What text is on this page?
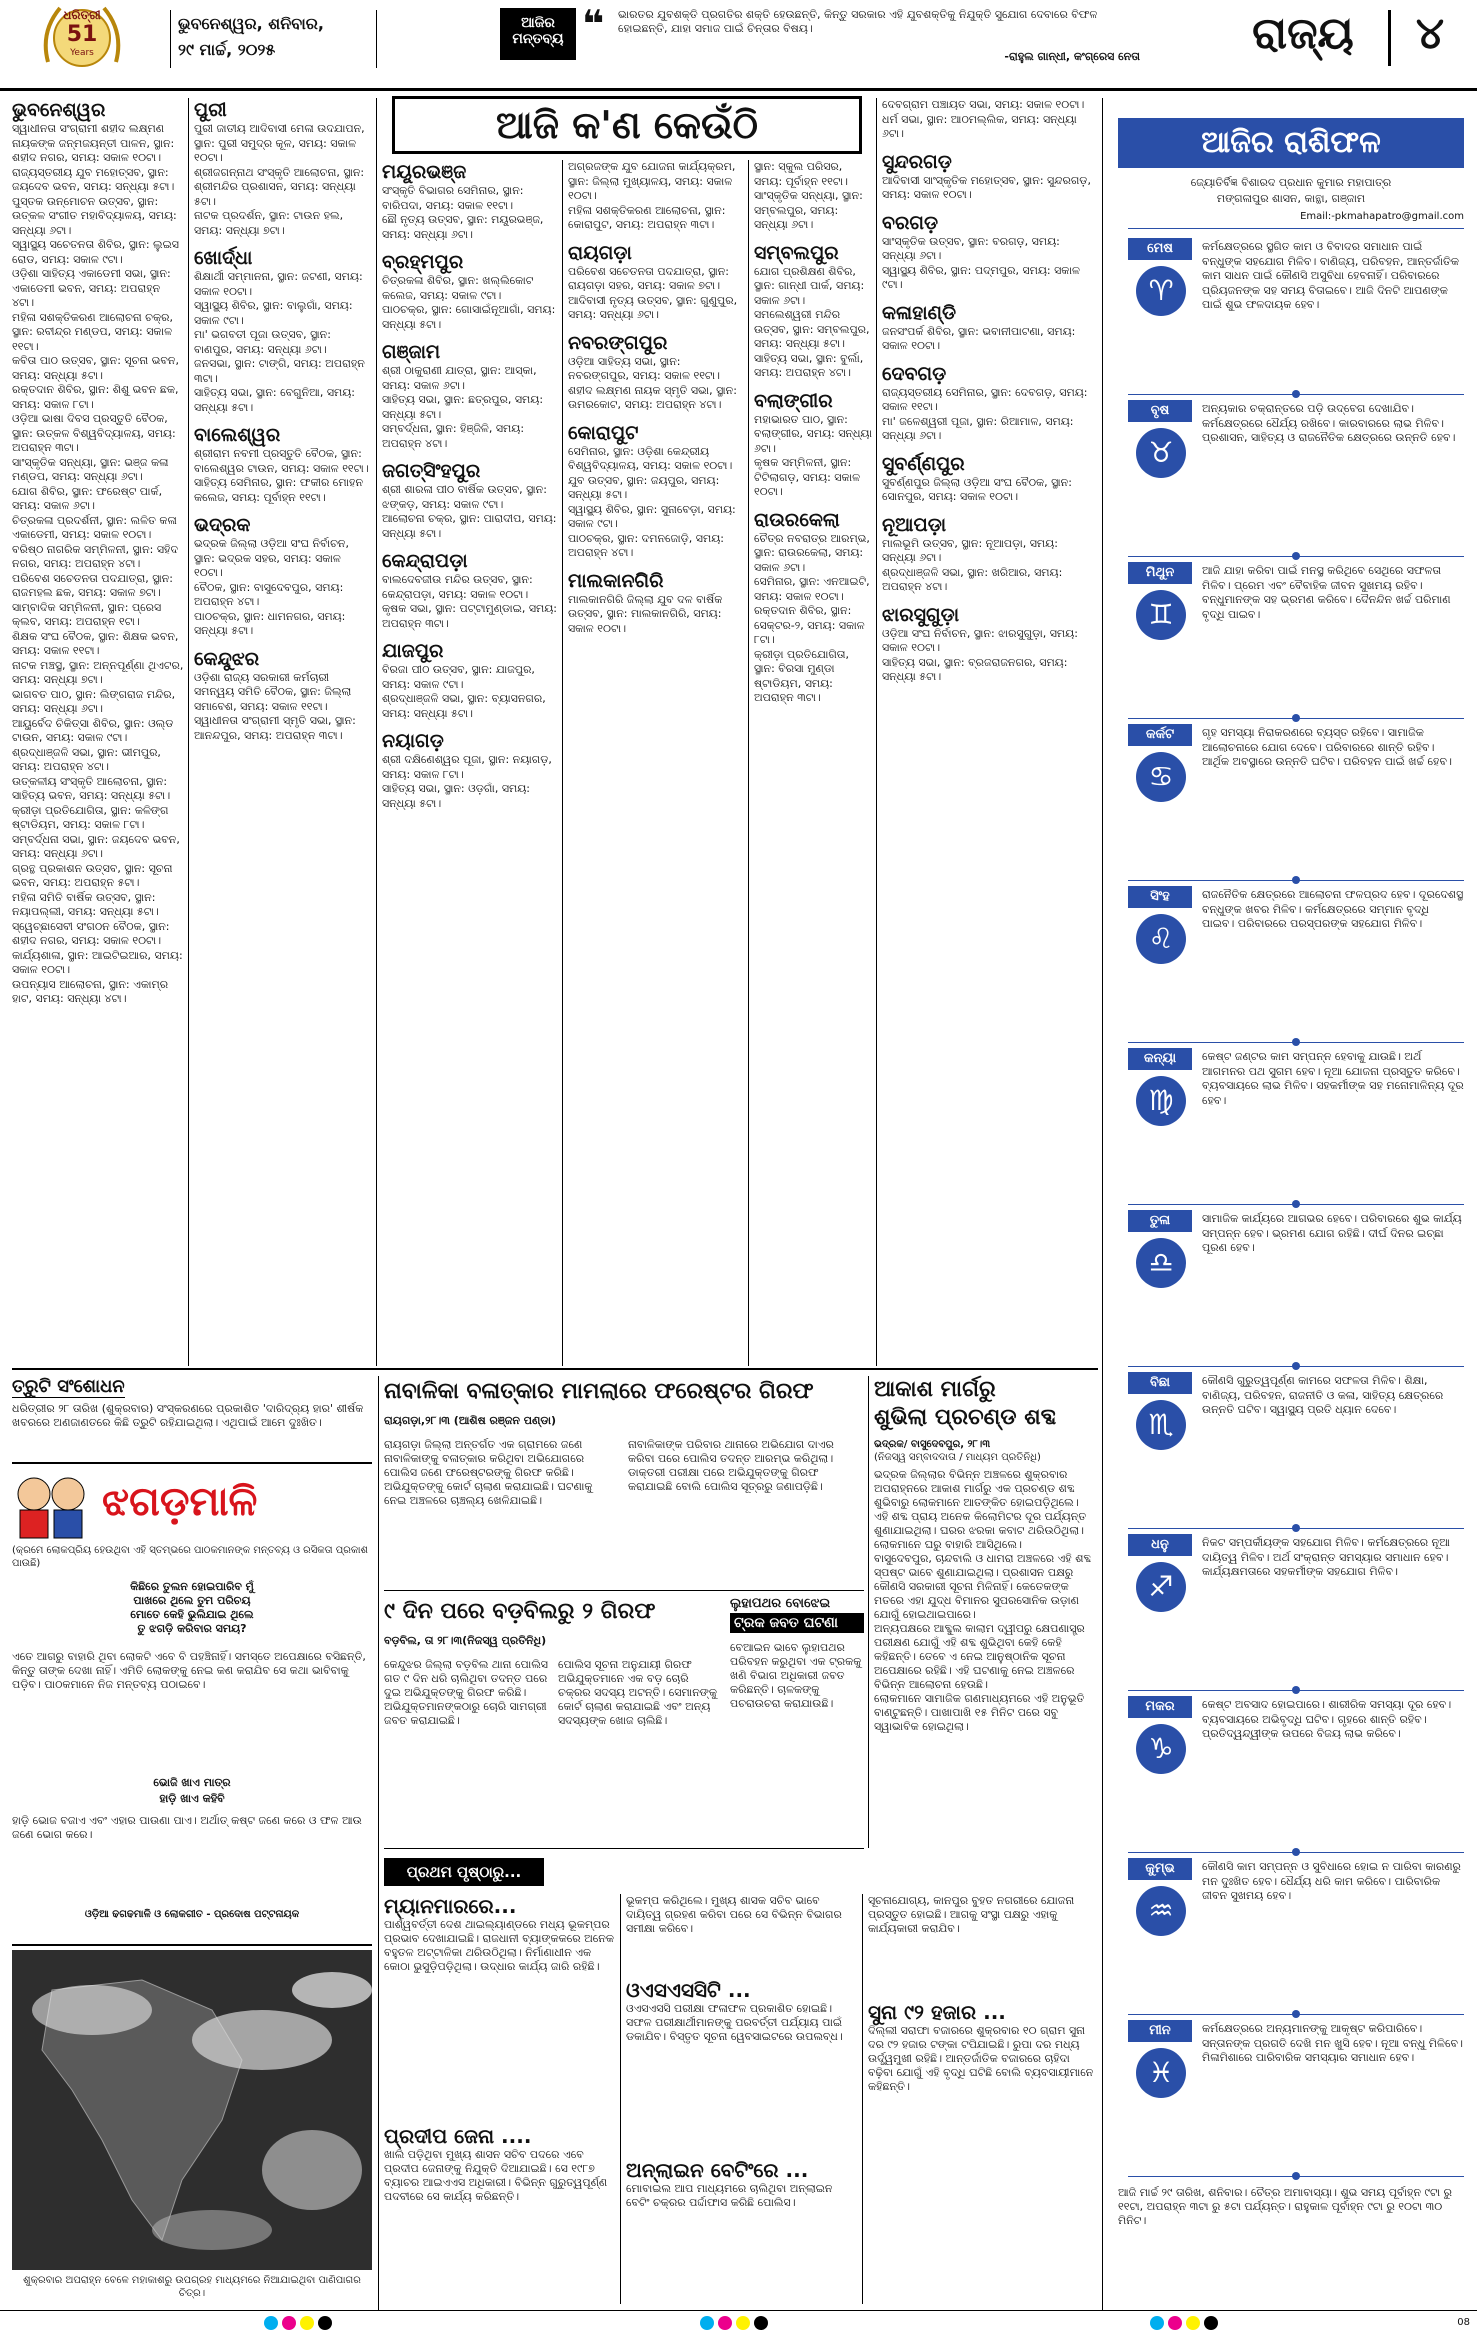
ଧରିତ୍ରୀ
51
Years
ଭୁବନେଶ୍ୱର, ଶନିବାର,
୨୯ ମାର୍ଚ୍ଚ, ୨୦୨୫
ଆଜିର
ମନ୍ତବ୍ୟ ❝ ଭାରତର ଯୁବଶକ୍ତି ପ୍ରଗତିର ଶକ୍ତି ହେଉଛନ୍ତି, କିନ୍ତୁ ସରକାର ଏହି ଯୁବଶକ୍ତିକୁ ନିଯୁକ୍ତି ସୁଯୋଗ ଦେବାରେ ବିଫଳ ହୋଇଛନ୍ତି, ଯାହା ସମାଜ ପାଇଁ ଚିନ୍ତାର ବିଷୟ।
-ରାହୁଲ ଗାନ୍ଧୀ, କଂଗ୍ରେସ ନେତା	ରାଜ୍ୟ	୪
ଆଜି କ'ଣ କେଉଁଠି
ଭୁବନେଶ୍ୱର
ସ୍ୱାଧୀନତା ସଂଗ୍ରାମୀ ଶହୀଦ ଲକ୍ଷ୍ମଣ ନାୟକଙ୍କ ଜନ୍ମଜୟନ୍ତୀ ପାଳନ, ସ୍ଥାନ: ଶହୀଦ ନଗର, ସମୟ: ସକାଳ ୧୦ଟା।
ରାଜ୍ୟସ୍ତରୀୟ ଯୁବ ମହୋତ୍ସବ, ସ୍ଥାନ: ଜୟଦେବ ଭବନ, ସମୟ: ସନ୍ଧ୍ୟା ୫ଟା।
ପୁସ୍ତକ ଉନ୍ମୋଚନ ଉତ୍ସବ, ସ୍ଥାନ: ଉତ୍କଳ ସଂଗୀତ ମହାବିଦ୍ୟାଳୟ, ସମୟ: ସନ୍ଧ୍ୟା ୬ଟା।
ସ୍ୱାସ୍ଥ୍ୟ ସଚେତନତା ଶିବିର, ସ୍ଥାନ: ଲୁଇସ ରୋଡ, ସମୟ: ସକାଳ ୯ଟା।
ଓଡ଼ିଶା ସାହିତ୍ୟ ଏକାଡେମୀ ସଭା, ସ୍ଥାନ: ଏକାଡେମୀ ଭବନ, ସମୟ: ଅପରାହ୍ନ ୪ଟା।
ମହିଳା ସଶକ୍ତିକରଣ ଆଲୋଚନା ଚକ୍ର, ସ୍ଥାନ: ରବୀନ୍ଦ୍ର ମଣ୍ଡପ, ସମୟ: ସକାଳ ୧୧ଟା।
କବିତା ପାଠ ଉତ୍ସବ, ସ୍ଥାନ: ସୂଚନା ଭବନ, ସମୟ: ସନ୍ଧ୍ୟା ୫ଟା।
ରକ୍ତଦାନ ଶିବିର, ସ୍ଥାନ: ଶିଶୁ ଭବନ ଛକ, ସମୟ: ସକାଳ ୮ଟା।
ଓଡ଼ିଆ ଭାଷା ଦିବସ ପ୍ରସ୍ତୁତି ବୈଠକ, ସ୍ଥାନ: ଉତ୍କଳ ବିଶ୍ୱବିଦ୍ୟାଳୟ, ସମୟ: ଅପରାହ୍ନ ୩ଟା।
ସାଂସ୍କୃତିକ ସନ୍ଧ୍ୟା, ସ୍ଥାନ: ଭଞ୍ଜ କଳା ମଣ୍ଡପ, ସମୟ: ସନ୍ଧ୍ୟା ୬ଟା।
ଯୋଗ ଶିବିର, ସ୍ଥାନ: ଫରେଷ୍ଟ ପାର୍କ, ସମୟ: ସକାଳ ୬ଟା।
ଚିତ୍ରକଳା ପ୍ରଦର୍ଶନୀ, ସ୍ଥାନ: ଲଳିତ କଳା ଏକାଡେମୀ, ସମୟ: ସକାଳ ୧୦ଟା।
ବରିଷ୍ଠ ନାଗରିକ ସମ୍ମିଳନୀ, ସ୍ଥାନ: ସହିଦ ନଗର, ସମୟ: ଅପରାହ୍ନ ୪ଟା।
ପରିବେଶ ସଚେତନତା ପଦଯାତ୍ରା, ସ୍ଥାନ: ରାଜମହଲ ଛକ, ସମୟ: ସକାଳ ୭ଟା।
ସାମ୍ବାଦିକ ସମ୍ମିଳନୀ, ସ୍ଥାନ: ପ୍ରେସ କ୍ଲବ, ସମୟ: ଅପରାହ୍ନ ୧ଟା।
ଶିକ୍ଷକ ସଂଘ ବୈଠକ, ସ୍ଥାନ: ଶିକ୍ଷକ ଭବନ, ସମୟ: ସକାଳ ୧୧ଟା।
ନାଟକ ମଞ୍ଚସ୍ଥ, ସ୍ଥାନ: ଅନ୍ନପୂର୍ଣ୍ଣା ଥିଏଟର, ସମୟ: ସନ୍ଧ୍ୟା ୭ଟା।
ଭାଗବତ ପାଠ, ସ୍ଥାନ: ଲିଙ୍ଗରାଜ ମନ୍ଦିର, ସମୟ: ସନ୍ଧ୍ୟା ୬ଟା।
ଆୟୁର୍ବେଦ ଚିକିତ୍ସା ଶିବିର, ସ୍ଥାନ: ଓଲ୍ଡ ଟାଉନ, ସମୟ: ସକାଳ ୯ଟା।
ଶ୍ରଦ୍ଧାଞ୍ଜଳି ସଭା, ସ୍ଥାନ: ଭୀମପୁର, ସମୟ: ଅପରାହ୍ନ ୪ଟା।
ଉତ୍କଳୀୟ ସଂସ୍କୃତି ଆଲୋଚନା, ସ୍ଥାନ: ସାହିତ୍ୟ ଭବନ, ସମୟ: ସନ୍ଧ୍ୟା ୫ଟା।
କ୍ରୀଡ଼ା ପ୍ରତିଯୋଗିତା, ସ୍ଥାନ: କଳିଙ୍ଗ ଷ୍ଟାଡିୟମ, ସମୟ: ସକାଳ ୮ଟା।
ସମ୍ବର୍ଦ୍ଧନା ସଭା, ସ୍ଥାନ: ଜୟଦେବ ଭବନ, ସମୟ: ସନ୍ଧ୍ୟା ୬ଟା।
ଗ୍ରନ୍ଥ ପ୍ରକାଶନ ଉତ୍ସବ, ସ୍ଥାନ: ସୂଚନା ଭବନ, ସମୟ: ଅପରାହ୍ନ ୫ଟା।
ମହିଳା ସମିତି ବାର୍ଷିକ ଉତ୍ସବ, ସ୍ଥାନ: ନୟାପଲ୍ଲୀ, ସମୟ: ସନ୍ଧ୍ୟା ୫ଟା।
ସ୍ୱେଚ୍ଛାସେବୀ ସଂଗଠନ ବୈଠକ, ସ୍ଥାନ: ଶହୀଦ ନଗର, ସମୟ: ସକାଳ ୧୦ଟା।
କାର୍ଯ୍ୟଶାଳା, ସ୍ଥାନ: ଆଇଟିଇଆର, ସମୟ: ସକାଳ ୧୦ଟା।
ଉପନ୍ୟାସ ଆଲୋଚନା, ସ୍ଥାନ: ଏକାମ୍ର ହାଟ, ସମୟ: ସନ୍ଧ୍ୟା ୪ଟା।
ପୁରୀ
ପୁରୀ ଜାତୀୟ ଆଦିବାସୀ ମେଳା ଉଦଯାପନ, ସ୍ଥାନ: ପୁରୀ ସମୁଦ୍ର କୂଳ, ସମୟ: ସକାଳ ୧୦ଟା।
ଶ୍ରୀଜଗନ୍ନାଥ ସଂସ୍କୃତି ଆଲୋଚନା, ସ୍ଥାନ: ଶ୍ରୀମନ୍ଦିର ପ୍ରଶାସନ, ସମୟ: ସନ୍ଧ୍ୟା ୫ଟା।
ନାଟକ ପ୍ରଦର୍ଶନ, ସ୍ଥାନ: ଟାଉନ ହଲ, ସମୟ: ସନ୍ଧ୍ୟା ୭ଟା।
ଖୋର୍ଦ୍ଧା
ଶିକ୍ଷାର୍ଥୀ ସମ୍ମାନନା, ସ୍ଥାନ: ଜଟଣୀ, ସମୟ: ସକାଳ ୧୦ଟା।
ସ୍ୱାସ୍ଥ୍ୟ ଶିବିର, ସ୍ଥାନ: ବାଲୁଗାଁ, ସମୟ: ସକାଳ ୯ଟା।
ମା' ଭଗବତୀ ପୂଜା ଉତ୍ସବ, ସ୍ଥାନ: ବାଣପୁର, ସମୟ: ସନ୍ଧ୍ୟା ୬ଟା।
ଜନସଭା, ସ୍ଥାନ: ଟାଙ୍ଗି, ସମୟ: ଅପରାହ୍ନ ୩ଟା।
ସାହିତ୍ୟ ସଭା, ସ୍ଥାନ: ବେଗୁନିଆ, ସମୟ: ସନ୍ଧ୍ୟା ୫ଟା।
ବାଲେଶ୍ୱର
ଶ୍ରୀରାମ ନବମୀ ପ୍ରସ୍ତୁତି ବୈଠକ, ସ୍ଥାନ: ବାଲେଶ୍ୱର ଟାଉନ, ସମୟ: ସକାଳ ୧୧ଟା।
ସାହିତ୍ୟ ସେମିନାର, ସ୍ଥାନ: ଫକୀର ମୋହନ କଲେଜ, ସମୟ: ପୂର୍ବାହ୍ନ ୧୧ଟା।
ଭଦ୍ରକ
ଭଦ୍ରକ ଜିଲ୍ଲା ଓଡ଼ିଆ ସଂଘ ନିର୍ବାଚନ, ସ୍ଥାନ: ଭଦ୍ରକ ସହର, ସମୟ: ସକାଳ ୧୦ଟା।
ବୈଠକ, ସ୍ଥାନ: ବାସୁଦେବପୁର, ସମୟ: ଅପରାହ୍ନ ୪ଟା।
ପାଠଚକ୍ର, ସ୍ଥାନ: ଧାମନଗର, ସମୟ: ସନ୍ଧ୍ୟା ୫ଟା।
କେନ୍ଦୁଝର
ଓଡ଼ିଶା ରାଜ୍ୟ ସରକାରୀ କର୍ମଚାରୀ ସମନ୍ୱୟ ସମିତି ବୈଠକ, ସ୍ଥାନ: ଜିଲ୍ଲା ସମାବେଶ, ସମୟ: ସକାଳ ୧୧ଟା।
ସ୍ୱାଧୀନତା ସଂଗ୍ରାମୀ ସ୍ମୃତି ସଭା, ସ୍ଥାନ: ଆନନ୍ଦପୁର, ସମୟ: ଅପରାହ୍ନ ୩ଟା।
ମୟୂରଭଞ୍ଜ
ସଂସ୍କୃତି ବିଭାଗର ସେମିନାର, ସ୍ଥାନ: ବାରିପଦା, ସମୟ: ସକାଳ ୧୧ଟା।
ଛୌ ନୃତ୍ୟ ଉତ୍ସବ, ସ୍ଥାନ: ମୟୂରଭଞ୍ଜ, ସମୟ: ସନ୍ଧ୍ୟା ୬ଟା।
ବ୍ରହ୍ମପୁର
ଚିତ୍ରକଳା ଶିବିର, ସ୍ଥାନ: ଖଲ୍ଲିକୋଟ କଲେଜ, ସମୟ: ସକାଳ ୯ଟା।
ପାଠଚକ୍ର, ସ୍ଥାନ: ଗୋସାଇଁନୂଆଗାଁ, ସମୟ: ସନ୍ଧ୍ୟା ୫ଟା।
ଗଞ୍ଜାମ
ଶ୍ରୀ ଠାକୁରାଣୀ ଯାତ୍ରା, ସ୍ଥାନ: ଆସ୍କା, ସମୟ: ସକାଳ ୬ଟା।
ସାହିତ୍ୟ ସଭା, ସ୍ଥାନ: ଛତ୍ରପୁର, ସମୟ: ସନ୍ଧ୍ୟା ୫ଟା।
ସମ୍ବର୍ଦ୍ଧନା, ସ୍ଥାନ: ହିଞ୍ଜିଳି, ସମୟ: ଅପରାହ୍ନ ୪ଟା।
ଜଗତ୍‌ସିଂହପୁର
ଶ୍ରୀ ଶାରଳା ପୀଠ ବାର୍ଷିକ ଉତ୍ସବ, ସ୍ଥାନ: ଝଙ୍କଡ଼, ସମୟ: ସକାଳ ୯ଟା।
ଆଲୋଚନା ଚକ୍ର, ସ୍ଥାନ: ପାରାଦୀପ, ସମୟ: ସନ୍ଧ୍ୟା ୫ଟା।
କେନ୍ଦ୍ରାପଡ଼ା
ବାଲଦେବଜୀଉ ମନ୍ଦିର ଉତ୍ସବ, ସ୍ଥାନ: କେନ୍ଦ୍ରାପଡ଼ା, ସମୟ: ସକାଳ ୧୦ଟା।
କୃଷକ ସଭା, ସ୍ଥାନ: ପଟ୍ଟାମୁଣ୍ଡାଇ, ସମୟ: ଅପରାହ୍ନ ୩ଟା।
ଯାଜପୁର
ବିରଜା ପୀଠ ଉତ୍ସବ, ସ୍ଥାନ: ଯାଜପୁର, ସମୟ: ସକାଳ ୯ଟା।
ଶ୍ରଦ୍ଧାଞ୍ଜଳି ସଭା, ସ୍ଥାନ: ବ୍ୟାସନଗର, ସମୟ: ସନ୍ଧ୍ୟା ୫ଟା।
ନୟାଗଡ଼
ଶ୍ରୀ ଦକ୍ଷିଣେଶ୍ୱର ପୂଜା, ସ୍ଥାନ: ନୟାଗଡ଼, ସମୟ: ସକାଳ ୮ଟା।
ସାହିତ୍ୟ ସଭା, ସ୍ଥାନ: ଓଡ଼ଗାଁ, ସମୟ: ସନ୍ଧ୍ୟା ୫ଟା।
ଅଗ୍ରଜଙ୍କ ଯୁବ ଯୋଜନା କାର୍ଯ୍ୟକ୍ରମ, ସ୍ଥାନ: ଜିଲ୍ଲା ମୁଖ୍ୟାଳୟ, ସମୟ: ସକାଳ ୧୦ଟା।
ମହିଳା ସଶକ୍ତିକରଣ ଆଲୋଚନା, ସ୍ଥାନ: କୋରାପୁଟ, ସମୟ: ଅପରାହ୍ନ ୩ଟା।
ରାୟଗଡ଼ା
ପରିବେଶ ସଚେତନତା ପଦଯାତ୍ରା, ସ୍ଥାନ: ରାୟଗଡ଼ା ସହର, ସମୟ: ସକାଳ ୭ଟା।
ଆଦିବାସୀ ନୃତ୍ୟ ଉତ୍ସବ, ସ୍ଥାନ: ଗୁଣୁପୁର, ସମୟ: ସନ୍ଧ୍ୟା ୬ଟା।
ନବରଙ୍ଗପୁର
ଓଡ଼ିଆ ସାହିତ୍ୟ ସଭା, ସ୍ଥାନ: ନବରଙ୍ଗପୁର, ସମୟ: ସକାଳ ୧୧ଟା।
ଶହୀଦ ଲକ୍ଷ୍ମଣ ନାୟକ ସ୍ମୃତି ସଭା, ସ୍ଥାନ: ଉମରକୋଟ, ସମୟ: ଅପରାହ୍ନ ୪ଟା।
କୋରାପୁଟ
ସେମିନାର, ସ୍ଥାନ: ଓଡ଼ିଶା କେନ୍ଦ୍ରୀୟ ବିଶ୍ୱବିଦ୍ୟାଳୟ, ସମୟ: ସକାଳ ୧୦ଟା।
ଯୁବ ଉତ୍ସବ, ସ୍ଥାନ: ଜୟପୁର, ସମୟ: ସନ୍ଧ୍ୟା ୫ଟା।
ସ୍ୱାସ୍ଥ୍ୟ ଶିବିର, ସ୍ଥାନ: ସୁନାବେଡ଼ା, ସମୟ: ସକାଳ ୯ଟା।
ପାଠଚକ୍ର, ସ୍ଥାନ: ଦମନଜୋଡ଼ି, ସମୟ: ଅପରାହ୍ନ ୪ଟା।
ମାଲକାନଗିରି
ମାଲକାନଗିରି ଜିଲ୍ଲା ଯୁବ ଦଳ ବାର୍ଷିକ ଉତ୍ସବ, ସ୍ଥାନ: ମାଲକାନଗିରି, ସମୟ: ସକାଳ ୧୦ଟା।
ସ୍ଥାନ: ସ୍କୁଲ ପରିସର, ସମୟ: ପୂର୍ବାହ୍ନ ୧୧ଟା।
ସାଂସ୍କୃତିକ ସନ୍ଧ୍ୟା, ସ୍ଥାନ: ସମ୍ବଲପୁର, ସମୟ: ସନ୍ଧ୍ୟା ୬ଟା।
ସମ୍ବଲପୁର
ଯୋଗ ପ୍ରଶିକ୍ଷଣ ଶିବିର, ସ୍ଥାନ: ଗାନ୍ଧୀ ପାର୍କ, ସମୟ: ସକାଳ ୬ଟା।
ସମଲେଶ୍ୱରୀ ମନ୍ଦିର ଉତ୍ସବ, ସ୍ଥାନ: ସମ୍ବଲପୁର, ସମୟ: ସନ୍ଧ୍ୟା ୫ଟା।
ସାହିତ୍ୟ ସଭା, ସ୍ଥାନ: ବୁର୍ଲା, ସମୟ: ଅପରାହ୍ନ ୪ଟା।
ବଲାଙ୍ଗୀର
ମହାଭାରତ ପାଠ, ସ୍ଥାନ: ବଲାଙ୍ଗୀର, ସମୟ: ସନ୍ଧ୍ୟା ୬ଟା।
କୃଷକ ସମ୍ମିଳନୀ, ସ୍ଥାନ: ଟିଟିଲାଗଡ଼, ସମୟ: ସକାଳ ୧୦ଟା।
ରାଉରକେଲା
ଚୈତ୍ର ନବରାତ୍ର ଆରମ୍ଭ, ସ୍ଥାନ: ରାଉରକେଲା, ସମୟ: ସକାଳ ୬ଟା।
ସେମିନାର, ସ୍ଥାନ: ଏନଆଇଟି, ସମୟ: ସକାଳ ୧୦ଟା।
ରକ୍ତଦାନ ଶିବିର, ସ୍ଥାନ: ସେକ୍ଟର-୨, ସମୟ: ସକାଳ ୮ଟା।
କ୍ରୀଡ଼ା ପ୍ରତିଯୋଗିତା, ସ୍ଥାନ: ବିରସା ମୁଣ୍ଡା ଷ୍ଟାଡିୟମ, ସମୟ: ଅପରାହ୍ନ ୩ଟା।
ଦେବଗ୍ରାମ ପଞ୍ଚାୟତ ସଭା, ସମୟ: ସକାଳ ୧୦ଟା।
ଧର୍ମ ସଭା, ସ୍ଥାନ: ଆଠମଲ୍ଲିକ, ସମୟ: ସନ୍ଧ୍ୟା ୬ଟା।
ସୁନ୍ଦରଗଡ଼
ଆଦିବାସୀ ସାଂସ୍କୃତିକ ମହୋତ୍ସବ, ସ୍ଥାନ: ସୁନ୍ଦରଗଡ଼, ସମୟ: ସକାଳ ୧୦ଟା।
ବରଗଡ଼
ସାଂସ୍କୃତିକ ଉତ୍ସବ, ସ୍ଥାନ: ବରଗଡ଼, ସମୟ: ସନ୍ଧ୍ୟା ୬ଟା।
ସ୍ୱାସ୍ଥ୍ୟ ଶିବିର, ସ୍ଥାନ: ପଦ୍ମପୁର, ସମୟ: ସକାଳ ୯ଟା।
କଳାହାଣ୍ଡି
ଜନସଂପର୍କ ଶିବିର, ସ୍ଥାନ: ଭବାନୀପାଟଣା, ସମୟ: ସକାଳ ୧୦ଟା।
ଦେବଗଡ଼
ରାଜ୍ୟସ୍ତରୀୟ ସେମିନାର, ସ୍ଥାନ: ଦେବଗଡ଼, ସମୟ: ସକାଳ ୧୧ଟା।
ମା' ଜଳେଶ୍ୱରୀ ପୂଜା, ସ୍ଥାନ: ରିଆମାଳ, ସମୟ: ସନ୍ଧ୍ୟା ୬ଟା।
ସୁବର୍ଣ୍ଣପୁର
ସୁବର୍ଣ୍ଣପୁର ଜିଲ୍ଲା ଓଡ଼ିଆ ସଂଘ ବୈଠକ, ସ୍ଥାନ: ସୋନପୁର, ସମୟ: ସକାଳ ୧୦ଟା।
ନୂଆପଡ଼ା
ମାଲଭୂମି ଉତ୍ସବ, ସ୍ଥାନ: ନୂଆପଡ଼ା, ସମୟ: ସନ୍ଧ୍ୟା ୬ଟା।
ଶ୍ରଦ୍ଧାଞ୍ଜଳି ସଭା, ସ୍ଥାନ: ଖରିଆର, ସମୟ: ଅପରାହ୍ନ ୪ଟା।
ଝାରସୁଗୁଡ଼ା
ଓଡ଼ିଆ ସଂଘ ନିର୍ବାଚନ, ସ୍ଥାନ: ଝାରସୁଗୁଡ଼ା, ସମୟ: ସକାଳ ୧୦ଟା।
ସାହିତ୍ୟ ସଭା, ସ୍ଥାନ: ବ୍ରଜରାଜନଗର, ସମୟ: ସନ୍ଧ୍ୟା ୫ଟା।
ଆଜିର ରାଶିଫଳ
ଜ୍ୟୋତିର୍ବିଜ୍ଞ ବିଶାରଦ ପ୍ରଧାନ କୁମାର ମହାପାତ୍ର
ମଙ୍ଗଳାପୁର ଶାସନ, କାନ୍ଥା, ଗଞ୍ଜାମ
Email:-pkmahapatro@gmail.com
ମେଷ
♈
କର୍ମକ୍ଷେତ୍ରରେ ସ୍ଥଗିତ କାମ ଓ ବିବାଦର ସମାଧାନ ପାଇଁ ବନ୍ଧୁଙ୍କ ସହଯୋଗ ମିଳିବ। ବାଣିଜ୍ୟ, ପରିବହନ, ଆନ୍ତର୍ଜାତିକ କାମ ସାଧନ ପାଇଁ କୌଣସି ଅସୁବିଧା ହେବନାହିଁ। ପରିବାରରେ ପ୍ରିୟଜନଙ୍କ ସହ ସମୟ ବିତାଇବେ। ଆଜି ଦିନଟି ଆପଣଙ୍କ ପାଇଁ ଶୁଭ ଫଳଦାୟକ ହେବ।
ବୃଷ
♉
ଅନ୍ୟକାର ଚକ୍ରାନ୍ତରେ ପଡ଼ି ଉଦ୍ବେଗ ଦେଖାଯିବ। କର୍ମକ୍ଷେତ୍ରରେ ଧୈର୍ଯ୍ୟ ରଖିବେ। କାରବାରରେ ଲାଭ ମିଳିବ। ପ୍ରଶାସନ, ସାହିତ୍ୟ ଓ ରାଜନୈତିକ କ୍ଷେତ୍ରରେ ଉନ୍ନତି ହେବ।
ମିଥୁନ
♊
ଆଜି ଯାହା କରିବା ପାଇଁ ମନସ୍ଥ କରିଥିବେ ସେଥିରେ ସଫଳତା ମିଳିବ। ପ୍ରେମ ଏବଂ ବୈବାହିକ ଜୀବନ ସୁଖମୟ ରହିବ। ବନ୍ଧୁମାନଙ୍କ ସହ ଭ୍ରମଣ କରିବେ। ଦୈନନ୍ଦିନ ଖର୍ଚ୍ଚ ପରିମାଣ ବୃଦ୍ଧି ପାଇବ।
କର୍କଟ
♋
ଗୃହ ସମସ୍ୟା ନିରାକରଣରେ ବ୍ୟସ୍ତ ରହିବେ। ସାମାଜିକ ଆଲୋଚନାରେ ଯୋଗ ଦେବେ। ପରିବାରରେ ଶାନ୍ତି ରହିବ। ଆର୍ଥିକ ଅବସ୍ଥାରେ ଉନ୍ନତି ଘଟିବ। ପରିବହନ ପାଇଁ ଖର୍ଚ୍ଚ ହେବ।
ସିଂହ
♌
ରାଜନୈତିକ କ୍ଷେତ୍ରରେ ଆଲୋଚନା ଫଳପ୍ରଦ ହେବ। ଦୂରଦେଶସ୍ଥ ବନ୍ଧୁଙ୍କ ଖବର ମିଳିବ। କର୍ମକ୍ଷେତ୍ରରେ ସମ୍ମାନ ବୃଦ୍ଧି ପାଇବ। ପରିବାରରେ ପରସ୍ପରଙ୍କ ସହଯୋଗ ମିଳିବ।
କନ୍ୟା
♍
କେଷ୍ଟ ଜଣ୍ଟର କାମ ସମ୍ପନ୍ନ ହେବାକୁ ଯାଉଛି। ଅର୍ଥ ଆଗମନର ପଥ ସୁଗମ ହେବ। ନୂଆ ଯୋଜନା ପ୍ରସ୍ତୁତ କରିବେ। ବ୍ୟବସାୟରେ ଲାଭ ମିଳିବ। ସହକର୍ମୀଙ୍କ ସହ ମନୋମାଳିନ୍ୟ ଦୂର ହେବ।
ତୁଳା
♎
ସାମାଜିକ କାର୍ଯ୍ୟରେ ଆଗଭର ହେବେ। ପରିବାରରେ ଶୁଭ କାର୍ଯ୍ୟ ସମ୍ପନ୍ନ ହେବ। ଭ୍ରମଣ ଯୋଗ ରହିଛି। ଦୀର୍ଘ ଦିନର ଇଚ୍ଛା ପୂରଣ ହେବ।
ବିଛା
♏
କୌଣସି ଗୁରୁତ୍ୱପୂର୍ଣ୍ଣ କାମରେ ସଫଳତା ମିଳିବ। ଶିକ୍ଷା, ବାଣିଜ୍ୟ, ପରିବହନ, ରାଜନୀତି ଓ କଳା, ସାହିତ୍ୟ କ୍ଷେତ୍ରରେ ଉନ୍ନତି ଘଟିବ। ସ୍ୱାସ୍ଥ୍ୟ ପ୍ରତି ଧ୍ୟାନ ଦେବେ।
ଧନୁ
♐
ନିକଟ ସମ୍ପର୍କୀୟଙ୍କ ସହଯୋଗ ମିଳିବ। କର୍ମକ୍ଷେତ୍ରରେ ନୂଆ ଦାୟିତ୍ୱ ମିଳିବ। ଅର୍ଥ ସଂକ୍ରାନ୍ତ ସମସ୍ୟାର ସମାଧାନ ହେବ। କାର୍ଯ୍ୟକ୍ଷମତାରେ ସହକର୍ମୀଙ୍କ ସହଯୋଗ ମିଳିବ।
ମକର
♑
କେଷ୍ଟ ଅବସାଦ ହୋଇପାରେ। ଶାରୀରିକ ସମସ୍ୟା ଦୂର ହେବ। ବ୍ୟବସାୟରେ ଅଭିବୃଦ୍ଧି ଘଟିବ। ଗୃହରେ ଶାନ୍ତି ରହିବ। ପ୍ରତିଦ୍ୱନ୍ଦ୍ୱୀଙ୍କ ଉପରେ ବିଜୟ ଲାଭ କରିବେ।
କୁମ୍ଭ
♒
କୌଣସି କାମ ସମ୍ପନ୍ନ ଓ ସୁବିଧାରେ ହୋଇ ନ ପାରିବା କାରଣରୁ ମନ ଦୁଃଖିତ ହେବ। ଧୈର୍ଯ୍ୟ ଧରି କାମ କରିବେ। ପାରିବାରିକ ଜୀବନ ସୁଖମୟ ହେବ।
ମୀନ
♓
କର୍ମକ୍ଷେତ୍ରରେ ଅନ୍ୟମାନଙ୍କୁ ଆକୃଷ୍ଟ କରିପାରିବେ। ସନ୍ତାନଙ୍କ ପ୍ରଗତି ଦେଖି ମନ ଖୁସି ହେବ। ନୂଆ ବନ୍ଧୁ ମିଳିବେ। ମିଳାମିଶାରେ ପାରିବାରିକ ସମସ୍ୟାର ସମାଧାନ ହେବ।
ଆଜି ମାର୍ଚ୍ଚ ୨୯ ତାରିଖ, ଶନିବାର। ଚୈତ୍ର ଅମାବାସ୍ୟା। ଶୁଭ ସମୟ ପୂର୍ବାହ୍ନ ୯ଟା ରୁ ୧୧ଟା, ଅପରାହ୍ନ ୩ଟା ରୁ ୫ଟା ପର୍ଯ୍ୟନ୍ତ। ରାହୁକାଳ ପୂର୍ବାହ୍ନ ୯ଟା ରୁ ୧୦ଟା ୩୦ ମିନିଟ।
ତ୍ରୁଟି ସଂଶୋଧନ
ଧରିତ୍ରୀର ୨୮ ତାରିଖ (ଶୁକ୍ରବାର) ସଂସ୍କରଣରେ ପ୍ରକାଶିତ 'ଦାରିଦ୍ର୍ୟ ହାର' ଶୀର୍ଷକ ଖବରରେ ଅଣଜାଣତରେ କିଛି ତ୍ରୁଟି ରହିଯାଇଥିଲା। ଏଥିପାଇଁ ଆମେ ଦୁଃଖିତ।
ଝଗଡ଼ମାଳି
(କ୍ରମେ ଲୋକପ୍ରିୟ ହେଉଥିବା ଏହି ସ୍ତମ୍ଭରେ ପାଠକମାନଙ୍କ ମନ୍ତବ୍ୟ ଓ ରସିକତା ପ୍ରକାଶ ପାଉଛି)
କିଛିରେ ତୁଲନ ହୋଇପାରିବ ମୁଁ
ପାଖରେ ଥିଲେ ତୁମ ପରିଚୟ
ମୋତେ କେହି ଭୁଲିଯାଇ ଥିଲେ
ତୁ ଝଗଡ଼ି କରିବାର ସମୟ?
ଏତେ ଆଗରୁ ବାହାରି ଥିବା ଲୋକଟି ଏବେ ବି ପହଞ୍ଚିନାହିଁ। ସମସ୍ତେ ଅପେକ୍ଷାରେ ବସିଛନ୍ତି, କିନ୍ତୁ ତାଙ୍କ ଦେଖା ନାହିଁ। ଏମିତି ଲୋକଙ୍କୁ ନେଇ କଣ କରାଯିବ ସେ କଥା ଭାବିବାକୁ ପଡ଼ିବ। ପାଠକମାନେ ନିଜ ମନ୍ତବ୍ୟ ପଠାଇବେ।
ଭୋଜି ଖାଏ ମାତ୍ର
ହାଡ଼ି ଖାଏ କହିବି
ହାଡ଼ି ଭୋଜ ବଜାଏ ଏବଂ ଏହାର ପାଉଣା ପାଏ। ଅର୍ଥାତ୍ କଷ୍ଟ ଜଣେ କରେ ଓ ଫଳ ଆଉ ଜଣେ ଭୋଗ କରେ।
ଓଡ଼ିଆ ଢଗଢମାଳି ଓ ଲୋକଗୀତ - ପ୍ରଦୋଷ ପଟ୍ଟନାୟକ
ଶୁକ୍ରବାର ଅପରାହ୍ନ ବେଳେ ମହାକାଶରୁ ଉପଗ୍ରହ ମାଧ୍ୟମରେ ନିଆଯାଇଥିବା ପାଣିପାଗର ଚିତ୍ର।
ନାବାଳିକା ବଳାତ୍କାର ମାମଲାରେ ଫରେଷ୍ଟର ଗିରଫ
ରାୟଗଡ଼ା,୨୮।୩ (ଆଶିଷ ରଞ୍ଜନ ପଣ୍ଡା)
ରାୟଗଡ଼ା ଜିଲ୍ଲା ଅନ୍ତର୍ଗତ ଏକ ଗ୍ରାମରେ ଜଣେ ନାବାଳିକାଙ୍କୁ ବଳାତ୍କାର କରିଥିବା ଅଭିଯୋଗରେ ପୋଲିସ ଜଣେ ଫରେଷ୍ଟରଙ୍କୁ ଗିରଫ କରିଛି। ଅଭିଯୁକ୍ତଙ୍କୁ କୋର୍ଟ ଚାଲାଣ କରାଯାଇଛି। ଘଟଣାକୁ ନେଇ ଅଞ୍ଚଳରେ ଚାଞ୍ଚଲ୍ୟ ଖେଳିଯାଇଛି।
ନାବାଳିକାଙ୍କ ପରିବାର ଥାନାରେ ଅଭିଯୋଗ ଦାଏର କରିବା ପରେ ପୋଲିସ ତଦନ୍ତ ଆରମ୍ଭ କରିଥିଲା। ଡାକ୍ତରୀ ପରୀକ୍ଷା ପରେ ଅଭିଯୁକ୍ତଙ୍କୁ ଗିରଫ କରାଯାଇଛି ବୋଲି ପୋଲିସ ସୂତ୍ରରୁ ଜଣାପଡ଼ିଛି।
୯ ଦିନ ପରେ ବଡ଼ବିଲରୁ ୨ ଗିରଫ
ବଡ଼ବିଲ, ତା ୨୮।୩(ନିଜସ୍ୱ ପ୍ରତିନିଧି)
କେନ୍ଦୁଝର ଜିଲ୍ଲା ବଡ଼ବିଲ ଥାନା ପୋଲିସ ଗତ ୯ ଦିନ ଧରି ଚାଲିଥିବା ତଦନ୍ତ ପରେ ଦୁଇ ଅଭିଯୁକ୍ତଙ୍କୁ ଗିରଫ କରିଛି। ଅଭିଯୁକ୍ତମାନଙ୍କଠାରୁ ଚୋରି ସାମଗ୍ରୀ ଜବତ କରାଯାଇଛି।
ପୋଲିସ ସୂଚନା ଅନୁଯାୟୀ ଗିରଫ ଅଭିଯୁକ୍ତମାନେ ଏକ ବଡ଼ ଚୋରି ଚକ୍ରର ସଦସ୍ୟ ଅଟନ୍ତି। ସେମାନଙ୍କୁ କୋର୍ଟ ଚାଲାଣ କରାଯାଇଛି ଏବଂ ଅନ୍ୟ ସଦସ୍ୟଙ୍କ ଖୋଜ ଚାଲିଛି।
ଲୁହାପଥର ବୋଝେଇ
ଟ୍ରକ ଜବତ ଘଟଣା
ବେଆଇନ ଭାବେ ଲୁହାପଥର ପରିବହନ କରୁଥିବା ଏକ ଟ୍ରକକୁ ଖଣି ବିଭାଗ ଅଧିକାରୀ ଜବତ କରିଛନ୍ତି। ଚାଳକଙ୍କୁ ପଚରାଉଚରା କରାଯାଉଛି।
ଆକାଶ ମାର୍ଗରୁ
ଶୁଭିଲା ପ୍ରଚଣ୍ଡ ଶବ୍ଦ
ଭଦ୍ରକ/ ବାସୁଦେବପୁର, ୨୮।୩
(ନିଜସ୍ୱ ସମ୍ବାଦଦାତା / ମାଧ୍ୟମ ପ୍ରତିନିଧି)
ଭଦ୍ରକ ଜିଲ୍ଲାର ବିଭିନ୍ନ ଅଞ୍ଚଳରେ ଶୁକ୍ରବାର ଅପରାହ୍ନରେ ଆକାଶ ମାର୍ଗରୁ ଏକ ପ୍ରଚଣ୍ଡ ଶବ୍ଦ ଶୁଭିବାରୁ ଲୋକମାନେ ଆତଙ୍କିତ ହୋଇପଡ଼ିଥିଲେ। ଏହି ଶବ୍ଦ ପ୍ରାୟ ଅନେକ କିଲୋମିଟର ଦୂର ପର୍ଯ୍ୟନ୍ତ ଶୁଣାଯାଇଥିଲା। ଘରର ଝରକା କବାଟ ଥରିଉଠିଥିଲା। ଲୋକମାନେ ଘରୁ ବାହାରି ଆସିଥିଲେ।
ବାସୁଦେବପୁର, ଚାନ୍ଦବାଲି ଓ ଧାମରା ଅଞ୍ଚଳରେ ଏହି ଶବ୍ଦ ସ୍ପଷ୍ଟ ଭାବେ ଶୁଣାଯାଇଥିଲା। ପ୍ରଶାସନ ପକ୍ଷରୁ କୌଣସି ସରକାରୀ ସୂଚନା ମିଳିନାହିଁ। କେତେକଙ୍କ ମତରେ ଏହା ଯୁଦ୍ଧ ବିମାନର ସୁପରସୋନିକ ଉଡ଼ାଣ ଯୋଗୁଁ ହୋଇଥାଇପାରେ।
ଅନ୍ୟପକ୍ଷରେ ଆବ୍ଦୁଲ କାଲାମ ଦ୍ୱୀପରୁ କ୍ଷେପଣାସ୍ତ୍ର ପରୀକ୍ଷଣ ଯୋଗୁଁ ଏହି ଶବ୍ଦ ଶୁଭିଥିବା କେହି କେହି କହିଛନ୍ତି। ତେବେ ଏ ନେଇ ଆନୁଷ୍ଠାନିକ ସୂଚନା ଅପେକ୍ଷାରେ ରହିଛି। ଏହି ଘଟଣାକୁ ନେଇ ଅଞ୍ଚଳରେ ବିଭିନ୍ନ ଆଲୋଚନା ହେଉଛି।
ଲୋକମାନେ ସାମାଜିକ ଗଣମାଧ୍ୟମରେ ଏହି ଅନୁଭୂତି ବାଣ୍ଟୁଛନ୍ତି। ପାଖାପାଖି ୧୫ ମିନିଟ ପରେ ସବୁ ସ୍ୱାଭାବିକ ହୋଇଥିଲା।
ପ୍ରଥମ ପୃଷ୍ଠାରୁ...
ମ୍ୟାନମାରରେ...
ପାର୍ଶ୍ୱବର୍ତ୍ତୀ ଦେଶ ଥାଇଲ୍ୟାଣ୍ଡରେ ମଧ୍ୟ ଭୂକମ୍ପର ପ୍ରଭାବ ଦେଖାଯାଇଛି। ରାଜଧାନୀ ବ୍ୟାଙ୍କକରେ ଅନେକ ବହୁତଳ ଅଟ୍ଟାଳିକା ଥରିଉଠିଥିଲା। ନିର୍ମାଣାଧୀନ ଏକ କୋଠା ଭୁସୁଡ଼ିପଡ଼ିଥିଲା। ଉଦ୍ଧାର କାର୍ଯ୍ୟ ଜାରି ରହିଛି।
ପ୍ରଦୀପ ଜେନା ....
ଖାଲି ପଡ଼ିଥିବା ମୁଖ୍ୟ ଶାସନ ସଚିବ ପଦରେ ଏବେ ପ୍ରଦୀପ ଜେନାଙ୍କୁ ନିଯୁକ୍ତି ଦିଆଯାଇଛି। ସେ ୧୯୮୭ ବ୍ୟାଚର ଆଇଏଏସ ଅଧିକାରୀ। ବିଭିନ୍ନ ଗୁରୁତ୍ୱପୂର୍ଣ୍ଣ ପଦବୀରେ ସେ କାର୍ଯ୍ୟ କରିଛନ୍ତି।
ଭୂକମ୍ପ କରିଥିଲେ। ମୁଖ୍ୟ ଶାସକ ସଚିବ ଭାବେ ଦାୟିତ୍ୱ ଗ୍ରହଣ କରିବା ପରେ ସେ ବିଭିନ୍ନ ବିଭାଗର ସମୀକ୍ଷା କରିବେ।
ଓଏସଏସସିଟି ...
ଓଏସଏସସି ପରୀକ୍ଷା ଫଳାଫଳ ପ୍ରକାଶିତ ହୋଇଛି। ସଫଳ ପରୀକ୍ଷାର୍ଥୀମାନଙ୍କୁ ପରବର୍ତ୍ତୀ ପର୍ଯ୍ୟାୟ ପାଇଁ ଡକାଯିବ। ବିସ୍ତୃତ ସୂଚନା ୱେବସାଇଟରେ ଉପଲବ୍ଧ।
ଅନ୍‌ଲାଇନ ବେଟିଂରେ ...
ମୋବାଇଲ ଆପ ମାଧ୍ୟମରେ ଚାଲିଥିବା ଅନ୍‌ଲାଇନ ବେଟିଂ ଚକ୍ରର ପର୍ଦ୍ଦାଫାସ କରିଛି ପୋଲିସ।
ସୂଚନାଯୋଗ୍ୟ, କାନପୁର ବୁହତ ନଗରୀରେ ଯୋଜନା ପ୍ରସ୍ତୁତ ହୋଇଛି। ଆଗକୁ ସଂସ୍ଥା ପକ୍ଷରୁ ଏହାକୁ କାର୍ଯ୍ୟକାରୀ କରାଯିବ।
ସୁନା ୯୨ ହଜାର ...
ଦିଲ୍ଲୀ ସରାଫା ବଜାରରେ ଶୁକ୍ରବାର ୧୦ ଗ୍ରାମ ସୁନା ଦର ୯୨ ହଜାର ଟଙ୍କା ଟପିଯାଇଛି। ରୁପା ଦର ମଧ୍ୟ ଉର୍ଦ୍ଧ୍ୱମୁଖୀ ରହିଛି। ଆନ୍ତର୍ଜାତିକ ବଜାରରେ ଚାହିଦା ବଢ଼ିବା ଯୋଗୁଁ ଏହି ବୃଦ୍ଧି ଘଟିଛି ବୋଲି ବ୍ୟବସାୟୀମାନେ କହିଛନ୍ତି।
08
